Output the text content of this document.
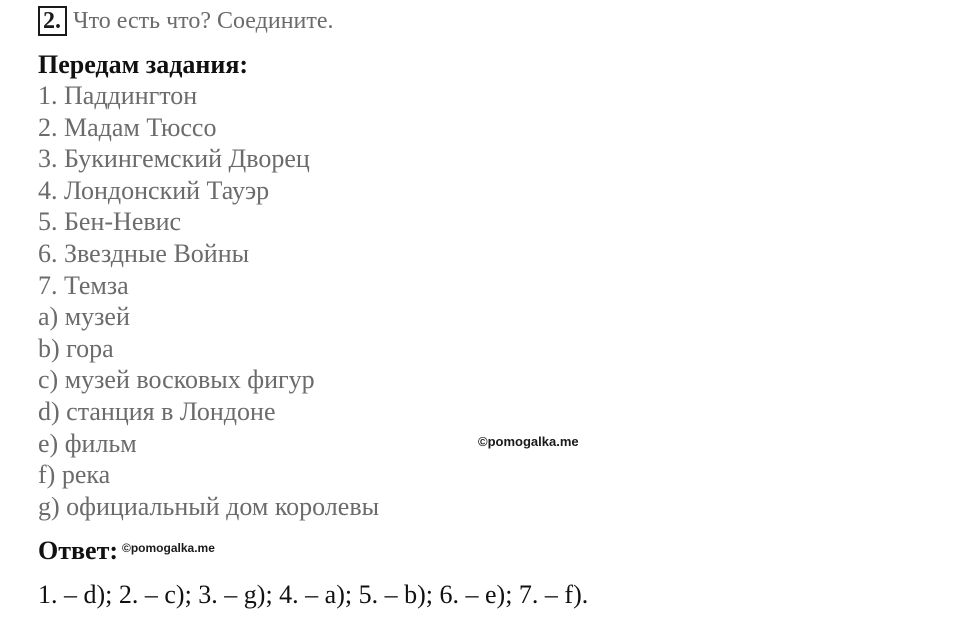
2. Что есть что? Соедините.
Передам задания:
1. Паддингтон
2. Мадам Тюссо
3. Букингемский Дворец
4. Лондонский Тауэр
5. Бен-Невис
6. Звездные Войны
7. Темза
a) музей
b) гора
c) музей восковых фигур
d) станция в Лондоне
e) фильм
f) река
g) официальный дом королевы
©pomogalka.me
Ответ: ©pomogalka.me
1. – d); 2. – c); 3. – g); 4. – a); 5. – b); 6. – e); 7. – f).
